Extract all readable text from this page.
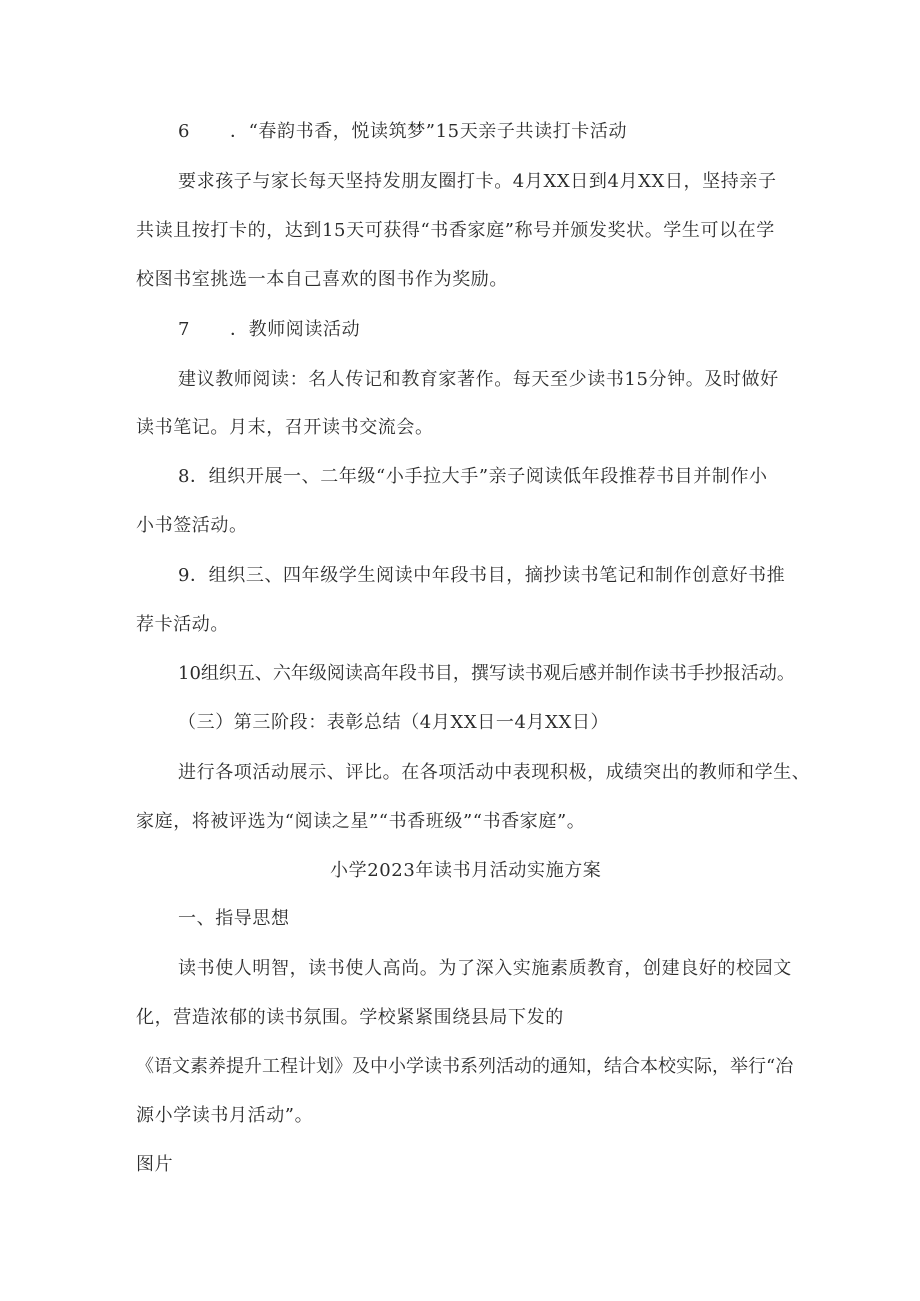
6 ．“春韵书香，悦读筑梦”15天亲子共读打卡活动
要求孩子与家长每天坚持发朋友圈打卡。4月XX日到4月XX日，坚持亲子
共读且按打卡的，达到15天可获得“书香家庭”称号并颁发奖状。学生可以在学
校图书室挑选一本自己喜欢的图书作为奖励。
7 ．教师阅读活动
建议教师阅读：名人传记和教育家著作。每天至少读书15分钟。及时做好
读书笔记。月末，召开读书交流会。
8．组织开展一、二年级“小手拉大手”亲子阅读低年段推荐书目并制作小
小书签活动。
9．组织三、四年级学生阅读中年段书目，摘抄读书笔记和制作创意好书推
荐卡活动。
10组织五、六年级阅读高年段书目，撰写读书观后感并制作读书手抄报活动。
（三）第三阶段：表彰总结（4月XX日一4月XX日）
进行各项活动展示、评比。在各项活动中表现积极，成绩突出的教师和学生、
家庭，将被评选为“阅读之星”“书香班级”“书香家庭”。
小学2023年读书月活动实施方案
一、指导思想
读书使人明智，读书使人高尚。为了深入实施素质教育，创建良好的校园文
化，营造浓郁的读书氛围。学校紧紧围绕县局下发的
《语文素养提升工程计划》及中小学读书系列活动的通知，结合本校实际，举行“冶
源小学读书月活动”。
图片
